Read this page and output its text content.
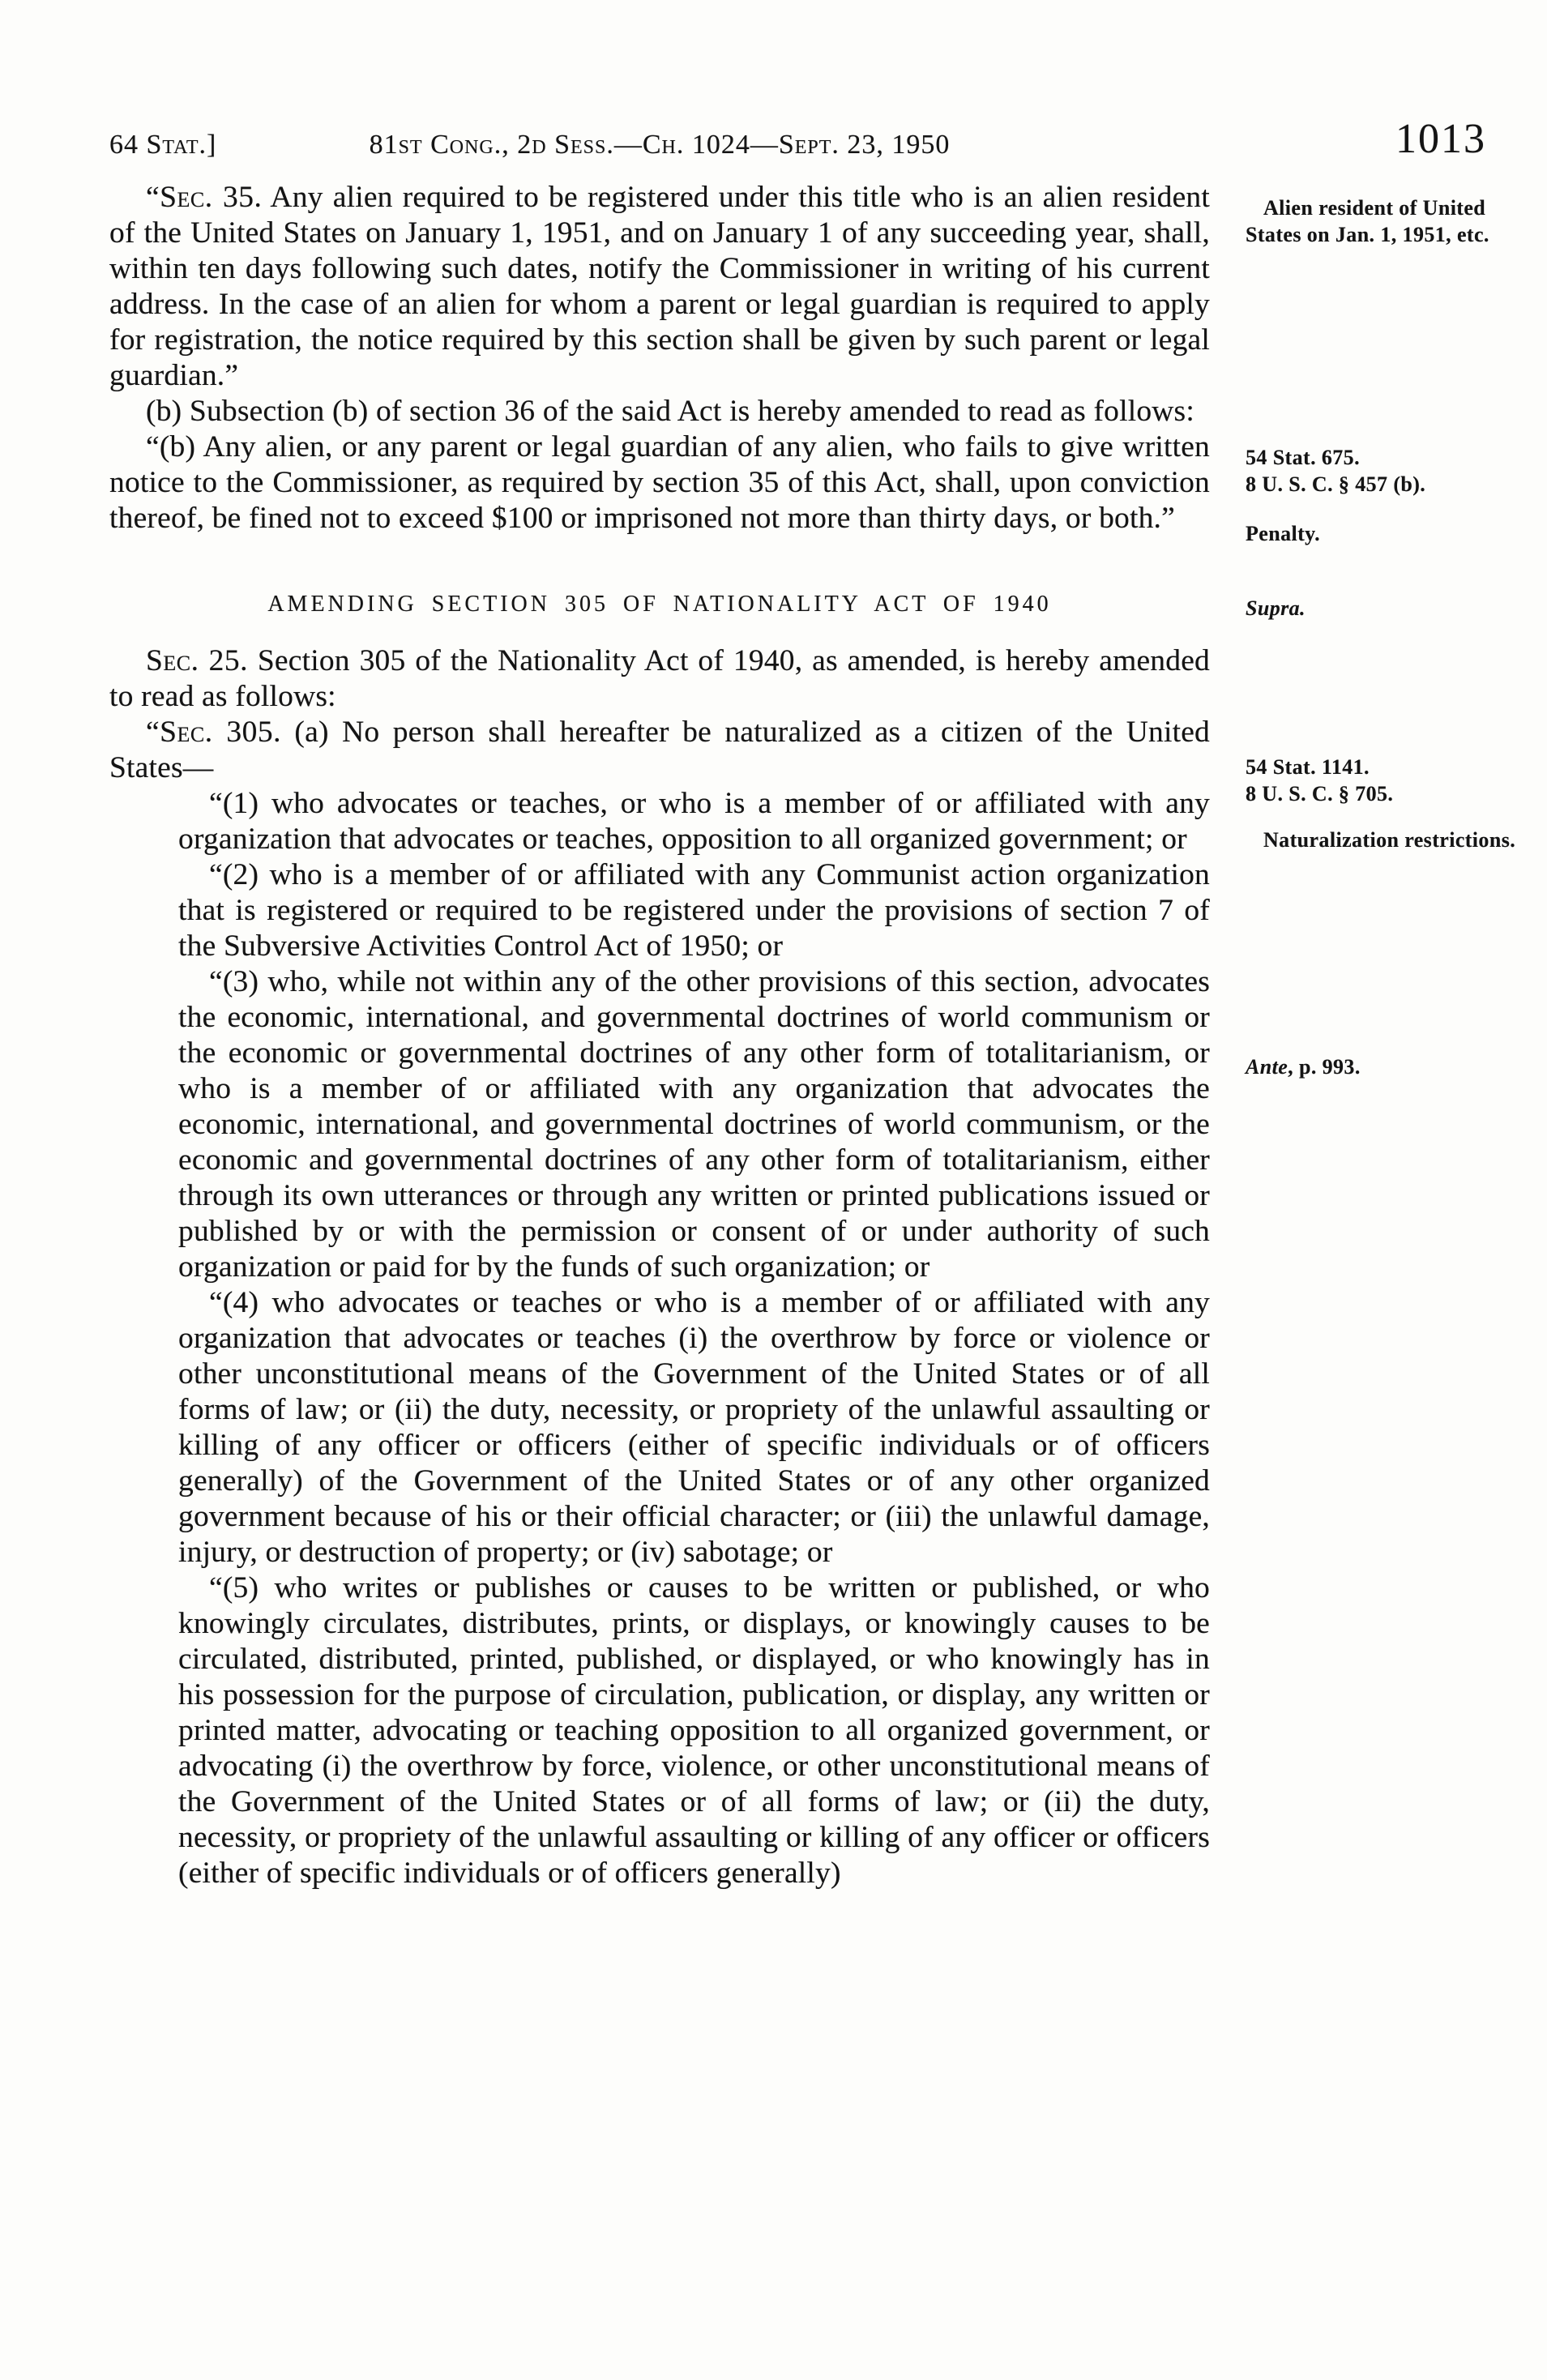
64 Stat.]	81st Cong., 2d Sess.—Ch. 1024—Sept. 23, 1950	1013

“Sec. 35. Any alien required to be registered under this title who is an alien resident of the United States on January 1, 1951, and on January 1 of any succeeding year, shall, within ten days following such dates, notify the Commissioner in writing of his current address. In the case of an alien for whom a parent or legal guardian is required to apply for registration, the notice required by this section shall be given by such parent or legal guardian.”

(b) Subsection (b) of section 36 of the said Act is hereby amended to read as follows:

“(b) Any alien, or any parent or legal guardian of any alien, who fails to give written notice to the Commissioner, as required by section 35 of this Act, shall, upon conviction thereof, be fined not to exceed $100 or imprisoned not more than thirty days, or both.”

AMENDING SECTION 305 OF NATIONALITY ACT OF 1940

Sec. 25. Section 305 of the Nationality Act of 1940, as amended, is hereby amended to read as follows:

“Sec. 305. (a) No person shall hereafter be naturalized as a citizen of the United States—

“(1) who advocates or teaches, or who is a member of or affiliated with any organization that advocates or teaches, opposition to all organized government; or

“(2) who is a member of or affiliated with any Communist action organization that is registered or required to be registered under the provisions of section 7 of the Subversive Activities Control Act of 1950; or

“(3) who, while not within any of the other provisions of this section, advocates the economic, international, and governmental doctrines of world communism or the economic or governmental doctrines of any other form of totalitarianism, or who is a member of or affiliated with any organization that advocates the economic, international, and governmental doctrines of world communism, or the economic and governmental doctrines of any other form of totalitarianism, either through its own utterances or through any written or printed publications issued or published by or with the permission or consent of or under authority of such organization or paid for by the funds of such organization; or

“(4) who advocates or teaches or who is a member of or affiliated with any organization that advocates or teaches (i) the overthrow by force or violence or other unconstitutional means of the Government of the United States or of all forms of law; or (ii) the duty, necessity, or propriety of the unlawful assaulting or killing of any officer or officers (either of specific individuals or of officers generally) of the Government of the United States or of any other organized government because of his or their official character; or (iii) the unlawful damage, injury, or destruction of property; or (iv) sabotage; or

“(5) who writes or publishes or causes to be written or published, or who knowingly circulates, distributes, prints, or displays, or knowingly causes to be circulated, distributed, printed, published, or displayed, or who knowingly has in his possession for the purpose of circulation, publication, or display, any written or printed matter, advocating or teaching opposition to all organized government, or advocating (i) the overthrow by force, violence, or other unconstitutional means of the Government of the United States or of all forms of law; or (ii) the duty, necessity, or propriety of the unlawful assaulting or killing of any officer or officers (either of specific individuals or of officers generally)

Alien resident of United States on Jan. 1, 1951, etc.
54 Stat. 675.
8 U. S. C. § 457 (b).
Penalty.
Supra.
54 Stat. 1141.
8 U. S. C. § 705.
Naturalization restrictions.
Ante, p. 993.
